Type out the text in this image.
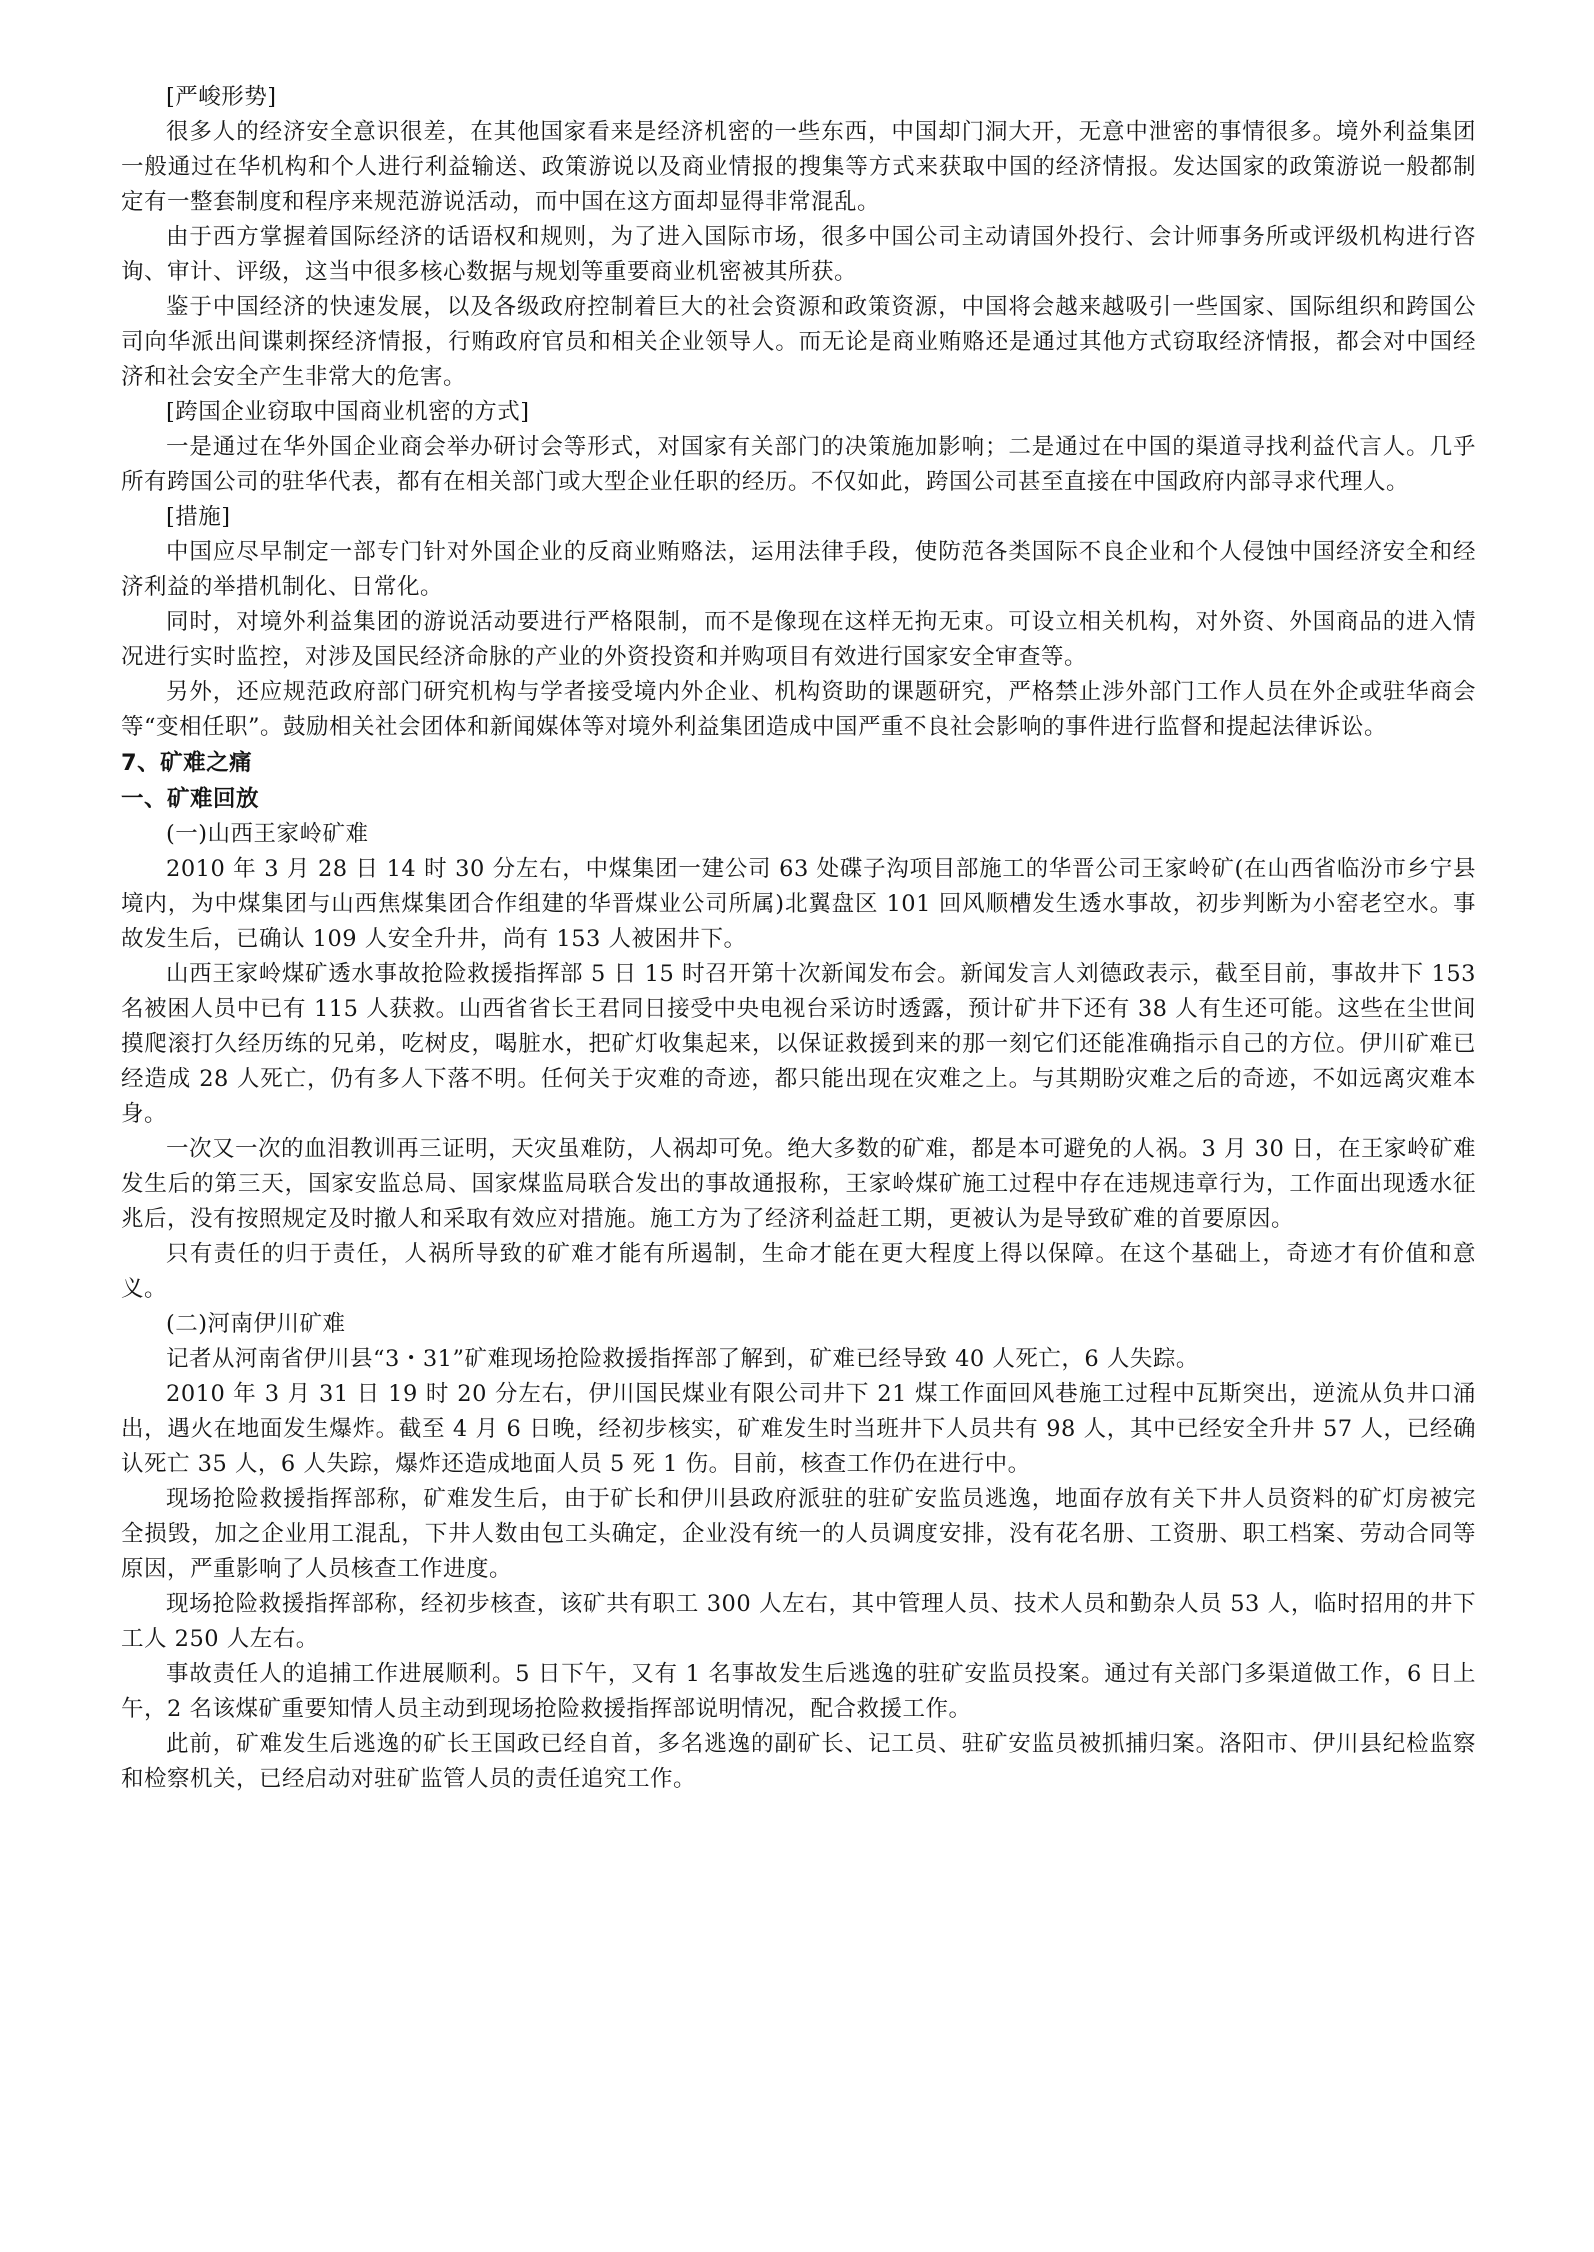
[严峻形势]

很多人的经济安全意识很差，在其他国家看来是经济机密的一些东西，中国却门洞大开，无意中泄密的事情很多。境外利益集团一般通过在华机构和个人进行利益输送、政策游说以及商业情报的搜集等方式来获取中国的经济情报。发达国家的政策游说一般都制定有一整套制度和程序来规范游说活动，而中国在这方面却显得非常混乱。

由于西方掌握着国际经济的话语权和规则，为了进入国际市场，很多中国公司主动请国外投行、会计师事务所或评级机构进行咨询、审计、评级，这当中很多核心数据与规划等重要商业机密被其所获。

鉴于中国经济的快速发展，以及各级政府控制着巨大的社会资源和政策资源，中国将会越来越吸引一些国家、国际组织和跨国公司向华派出间谍刺探经济情报，行贿政府官员和相关企业领导人。而无论是商业贿赂还是通过其他方式窃取经济情报，都会对中国经济和社会安全产生非常大的危害。

[跨国企业窃取中国商业机密的方式]

一是通过在华外国企业商会举办研讨会等形式，对国家有关部门的决策施加影响；二是通过在中国的渠道寻找利益代言人。几乎所有跨国公司的驻华代表，都有在相关部门或大型企业任职的经历。不仅如此，跨国公司甚至直接在中国政府内部寻求代理人。

[措施]

中国应尽早制定一部专门针对外国企业的反商业贿赂法，运用法律手段，使防范各类国际不良企业和个人侵蚀中国经济安全和经济利益的举措机制化、日常化。

同时，对境外利益集团的游说活动要进行严格限制，而不是像现在这样无拘无束。可设立相关机构，对外资、外国商品的进入情况进行实时监控，对涉及国民经济命脉的产业的外资投资和并购项目有效进行国家安全审查等。

另外，还应规范政府部门研究机构与学者接受境内外企业、机构资助的课题研究，严格禁止涉外部门工作人员在外企或驻华商会等“变相任职”。鼓励相关社会团体和新闻媒体等对境外利益集团造成中国严重不良社会影响的事件进行监督和提起法律诉讼。

7、矿难之痛

一、矿难回放

(一)山西王家岭矿难

2010 年 3 月 28 日 14 时 30 分左右，中煤集团一建公司 63 处碟子沟项目部施工的华晋公司王家岭矿(在山西省临汾市乡宁县境内，为中煤集团与山西焦煤集团合作组建的华晋煤业公司所属)北翼盘区 101 回风顺槽发生透水事故，初步判断为小窑老空水。事故发生后，已确认 109 人安全升井，尚有 153 人被困井下。

山西王家岭煤矿透水事故抢险救援指挥部 5 日 15 时召开第十次新闻发布会。新闻发言人刘德政表示，截至目前，事故井下 153 名被困人员中已有 115 人获救。山西省省长王君同日接受中央电视台采访时透露，预计矿井下还有 38 人有生还可能。这些在尘世间摸爬滚打久经历练的兄弟，吃树皮，喝脏水，把矿灯收集起来，以保证救援到来的那一刻它们还能准确指示自己的方位。伊川矿难已经造成 28 人死亡，仍有多人下落不明。任何关于灾难的奇迹，都只能出现在灾难之上。与其期盼灾难之后的奇迹，不如远离灾难本身。

一次又一次的血泪教训再三证明，天灾虽难防，人祸却可免。绝大多数的矿难，都是本可避免的人祸。3 月 30 日，在王家岭矿难发生后的第三天，国家安监总局、国家煤监局联合发出的事故通报称，王家岭煤矿施工过程中存在违规违章行为，工作面出现透水征兆后，没有按照规定及时撤人和采取有效应对措施。施工方为了经济利益赶工期，更被认为是导致矿难的首要原因。

只有责任的归于责任，人祸所导致的矿难才能有所遏制，生命才能在更大程度上得以保障。在这个基础上，奇迹才有价值和意义。

(二)河南伊川矿难

记者从河南省伊川县“3・31”矿难现场抢险救援指挥部了解到，矿难已经导致 40 人死亡，6 人失踪。

2010 年 3 月 31 日 19 时 20 分左右，伊川国民煤业有限公司井下 21 煤工作面回风巷施工过程中瓦斯突出，逆流从负井口涌出，遇火在地面发生爆炸。截至 4 月 6 日晚，经初步核实，矿难发生时当班井下人员共有 98 人，其中已经安全升井 57 人，已经确认死亡 35 人，6 人失踪，爆炸还造成地面人员 5 死 1 伤。目前，核查工作仍在进行中。

现场抢险救援指挥部称，矿难发生后，由于矿长和伊川县政府派驻的驻矿安监员逃逸，地面存放有关下井人员资料的矿灯房被完全损毁，加之企业用工混乱，下井人数由包工头确定，企业没有统一的人员调度安排，没有花名册、工资册、职工档案、劳动合同等原因，严重影响了人员核查工作进度。

现场抢险救援指挥部称，经初步核查，该矿共有职工 300 人左右，其中管理人员、技术人员和勤杂人员 53 人，临时招用的井下工人 250 人左右。

事故责任人的追捕工作进展顺利。5 日下午，又有 1 名事故发生后逃逸的驻矿安监员投案。通过有关部门多渠道做工作，6 日上午，2 名该煤矿重要知情人员主动到现场抢险救援指挥部说明情况，配合救援工作。

此前，矿难发生后逃逸的矿长王国政已经自首，多名逃逸的副矿长、记工员、驻矿安监员被抓捕归案。洛阳市、伊川县纪检监察和检察机关，已经启动对驻矿监管人员的责任追究工作。
